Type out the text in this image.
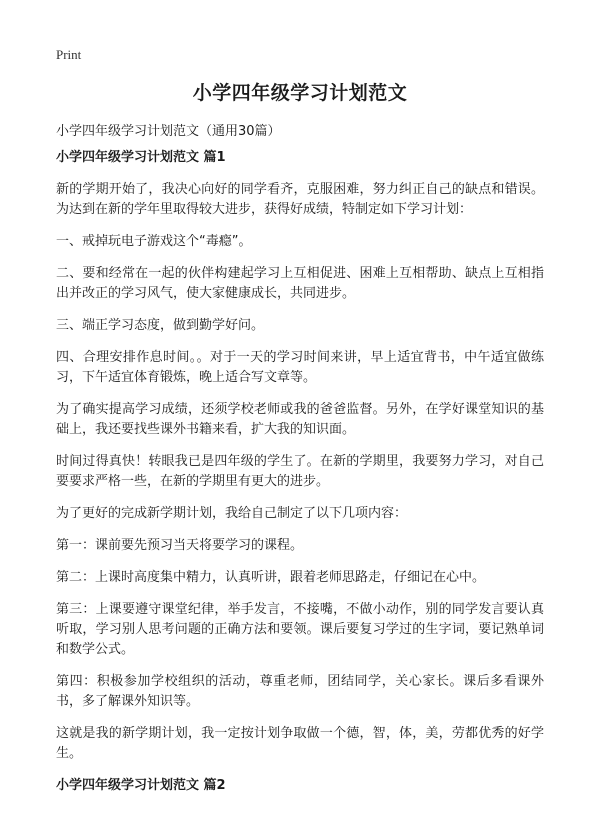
Print
小学四年级学习计划范文

小学四年级学习计划范文（通用30篇）

小学四年级学习计划范文 篇1

新的学期开始了，我决心向好的同学看齐，克服困难，努力纠正自己的缺点和错误。为达到在新的学年里取得较大进步，获得好成绩，特制定如下学习计划：

一、戒掉玩电子游戏这个“毒瘾”。

二、要和经常在一起的伙伴构建起学习上互相促进、困难上互相帮助、缺点上互相指出并改正的学习风气，使大家健康成长，共同进步。

三、端正学习态度，做到勤学好问。

四、合理安排作息时间。。对于一天的学习时间来讲，早上适宜背书，中午适宜做练习，下午适宜体育锻炼，晚上适合写文章等。

为了确实提高学习成绩，还须学校老师或我的爸爸监督。另外，在学好课堂知识的基础上，我还要找些课外书籍来看，扩大我的知识面。

时间过得真快！转眼我已是四年级的学生了。在新的学期里，我要努力学习，对自己要要求严格一些，在新的学期里有更大的进步。

为了更好的完成新学期计划，我给自己制定了以下几项内容：

第一：课前要先预习当天将要学习的课程。

第二：上课时高度集中精力，认真听讲，跟着老师思路走，仔细记在心中。

第三：上课要遵守课堂纪律，举手发言，不接嘴，不做小动作，别的同学发言要认真听取，学习别人思考问题的正确方法和要领。课后要复习学过的生字词，要记熟单词和数学公式。

第四：积极参加学校组织的活动，尊重老师，团结同学，关心家长。课后多看课外书，多了解课外知识等。

这就是我的新学期计划，我一定按计划争取做一个德，智，体，美，劳都优秀的好学生。

小学四年级学习计划范文 篇2
